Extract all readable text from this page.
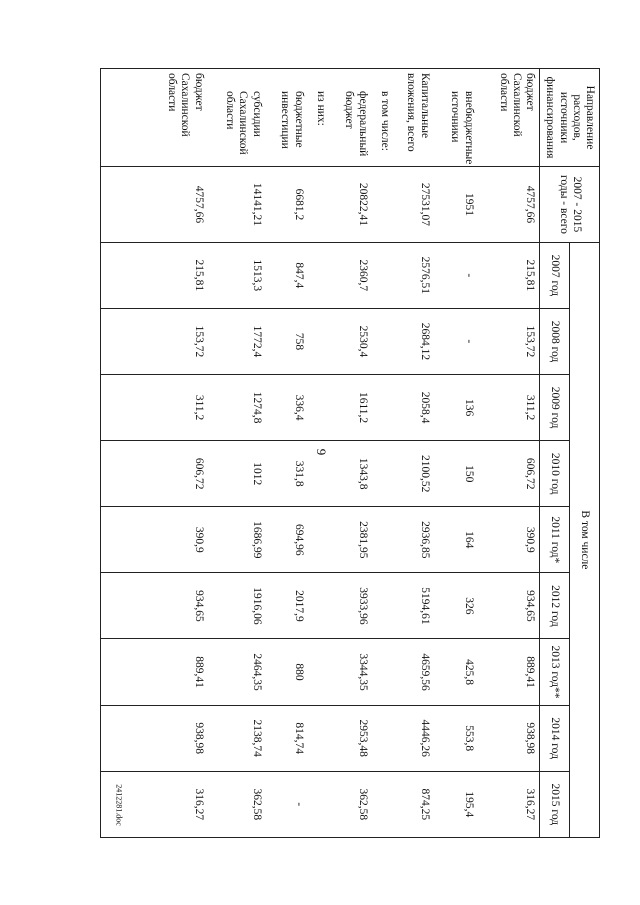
9
2412281.doc
Направление расходов, источники финансирования	2007 - 2015 годы - всего	В том числе								
		2007 год	2008 год	2009 год	2010 год	2011 год*	2012 год	2013 год**	2014 год	2015 год
бюджет Сахалинской области	4757,66	215,81	153,72	311,2	606,72	390,9	934,65	889,41	938,98	316,27
внебюджетные источники	1951	-	-	136	150	164	326	425,8	553,8	195,4
Капитальные вложения, всего	27531,07	2576,51	2684,12	2058,4	2100,52	2936,85	5194,61	4659,56	4446,26	874,25
в том числе:										
федеральный бюджет	20822,41	2360,7	2530,4	1611,2	1343,8	2381,95	3933,96	3344,35	2953,48	362,58
из них:										
бюджетные инвестиции	6681,2	847,4	758	336,4	331,8	694,96	2017,9	880	814,74	-
субсидии Сахалинской области	14141,21	1513,3	1772,4	1274,8	1012	1686,99	1916,06	2464,35	2138,74	362,58
бюджет Сахалинской области	4757,66	215,81	153,72	311,2	606,72	390,9	934,65	889,41	938,98	316,27
